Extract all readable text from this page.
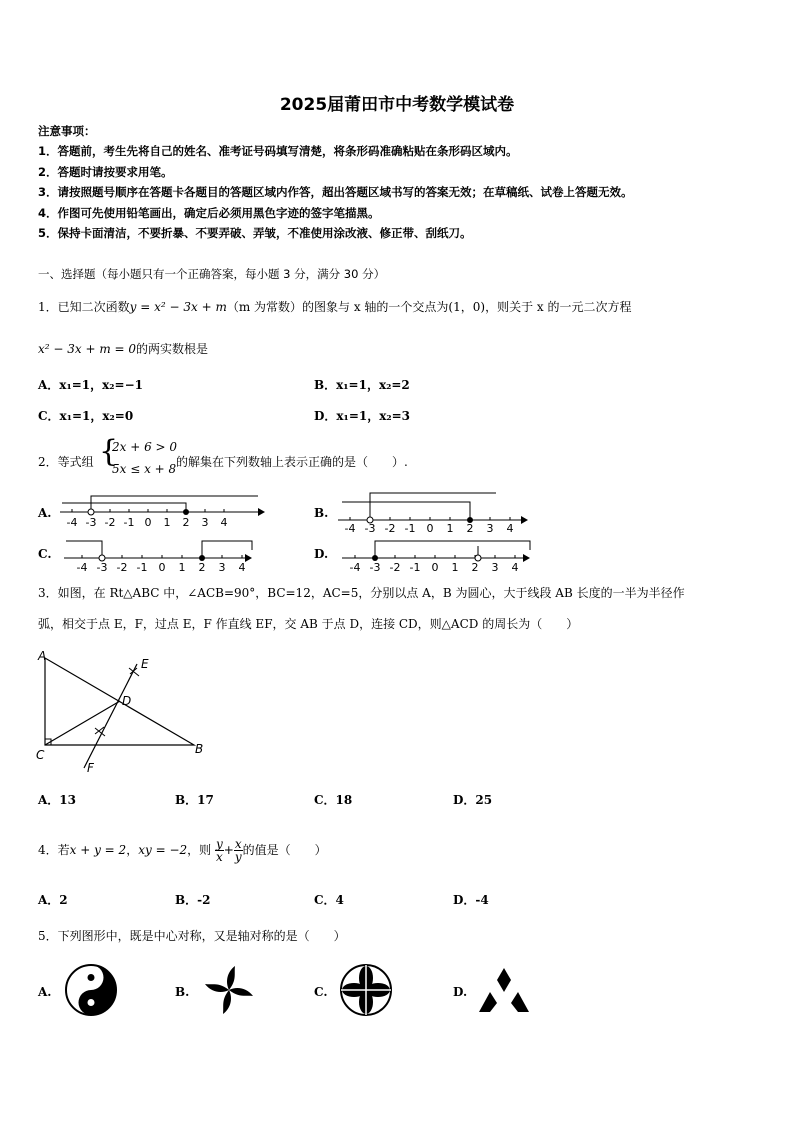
2025届莆田市中考数学模试卷
注意事项：
1．答题前，考生先将自己的姓名、准考证号码填写清楚，将条形码准确粘贴在条形码区域内。
2．答题时请按要求用笔。
3．请按照题号顺序在答题卡各题目的答题区域内作答，超出答题区域书写的答案无效；在草稿纸、试卷上答题无效。
4．作图可先使用铅笔画出，确定后必须用黑色字迹的签字笔描黑。
5．保持卡面清洁，不要折暴、不要弄破、弄皱，不准使用涂改液、修正带、刮纸刀。
一、选择题（每小题只有一个正确答案，每小题 3 分，满分 30 分）
1．已知二次函数y = x² − 3x + m（m 为常数）的图象与 x 轴的一个交点为(1，0)，则关于 x 的一元二次方程
x² − 3x + m = 0的两实数根是
A．x₁=1，x₂=−1	B．x₁=1，x₂=2
C．x₁=1，x₂=0	D．x₁=1，x₂=3
2．等式组 {
2x + 6 > 0
5x ≤ x + 8 的解集在下列数轴上表示正确的是（　　）.
A.	B.
C.	D.
-4 -3 -2 -1 0 1 2 3 4	-4 -3 -2 -1 0 1 2 3 4
-4 -3 -2 -1 0 1 2 3 4	-4 -3 -2 -1 0 1 2 3 4
3．如图，在 Rt△ABC 中，∠ACB=90°，BC=12，AC=5，分别以点 A，B 为圆心，大于线段 AB 长度的一半为半径作
弧，相交于点 E，F，过点 E，F 作直线 EF，交 AB 于点 D，连接 CD，则△ACD 的周长为（　　）
A
C	B
D
E
F
A．13	B．17	C．18	D．25
4．若x + y = 2，xy = −2，则 $\frac{y}{x} + \frac{x}{y}$ 的值是（　　）
A．2	B．-2	C．4	D．-4
5．下列图形中，既是中心对称，又是轴对称的是（　　）
A.	B.	C.	D.
